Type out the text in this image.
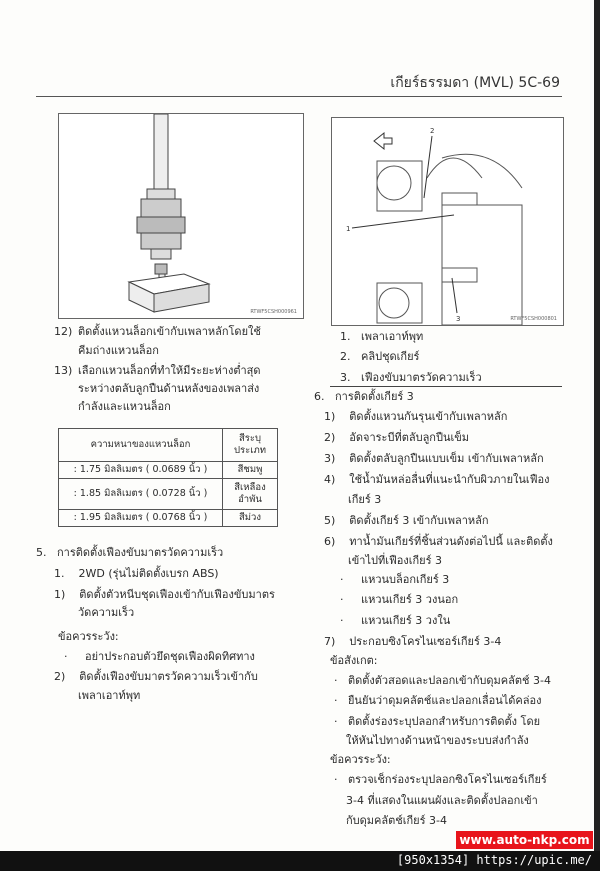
เกียร์ธรรมดา (MVL) 5C-69
RTWF5CSH000961
1
2
3	RTWF5CSH000801
12) ติดตั้งแหวนล็อกเข้ากับเพลาหลักโดยใช้
คีมถ่างแหวนล็อก
13) เลือกแหวนล็อกที่ทำให้มีระยะห่างต่ำสุด
ระหว่างตลับลูกปืนด้านหลังของเพลาส่ง
กำลังและแหวนล็อก
ความหนาของแหวนล็อก	สีระบุประเภท
: 1.75 มิลลิเมตร ( 0.0689 นิ้ว )	สีชมพู
: 1.85 มิลลิเมตร ( 0.0728 นิ้ว )	สีเหลืองอำพัน
: 1.95 มิลลิเมตร ( 0.0768 นิ้ว )	สีม่วง
5.   การติดตั้งเฟืองขับมาตรวัดความเร็ว
1.    2WD (รุ่นไม่ติดตั้งเบรก ABS)
1)    ติดตั้งตัวหนีบชุดเฟืองเข้ากับเฟืองขับมาตร
วัดความเร็ว
ข้อควรระวัง:
·     อย่าประกอบตัวยึดชุดเฟืองผิดทิศทาง
2)    ติดตั้งเฟืองขับมาตรวัดความเร็วเข้ากับ
เพลาเอาท์พุท
1.   เพลาเอาท์พุท
2.   คลิปชุดเกียร์
3.   เฟืองขับมาตรวัดความเร็ว
6.   การติดตั้งเกียร์ 3
1)    ติดตั้งแหวนกันรุนเข้ากับเพลาหลัก
2)    อัดจาระบีที่ตลับลูกปืนเข็ม
3)    ติดตั้งตลับลูกปืนแบบเข็ม เข้ากับเพลาหลัก
4)    ใช้น้ำมันหล่อลื่นที่แนะนำกับผิวภายในเฟือง
เกียร์ 3
5)    ติดตั้งเกียร์ 3 เข้ากับเพลาหลัก
6)    ทาน้ำมันเกียร์ที่ชิ้นส่วนดังต่อไปนี้ และติดตั้ง
เข้าไปที่เฟืองเกียร์ 3
·     แหวนบล็อกเกียร์ 3
·     แหวนเกียร์ 3 วงนอก
·     แหวนเกียร์ 3 วงใน
7)    ประกอบซิงโครไนเซอร์เกียร์ 3-4
ข้อสังเกต:
·   ติดตั้งตัวสอดและปลอกเข้ากับดุมคลัตช์ 3-4
·   ยืนยันว่าดุมคลัตช์และปลอกเลื่อนได้คล่อง
·   ติดตั้งร่องระบุปลอกสำหรับการติดตั้ง โดย
ให้หันไปทางด้านหน้าของระบบส่งกำลัง
ข้อควรระวัง:
·   ตรวจเช็กร่องระบุปลอกซิงโครไนเซอร์เกียร์
3-4 ที่แสดงในแผนผังและติดตั้งปลอกเข้า
กับดุมคลัตช์เกียร์ 3-4
www.auto-nkp.com
[950x1354] https://upic.me/
